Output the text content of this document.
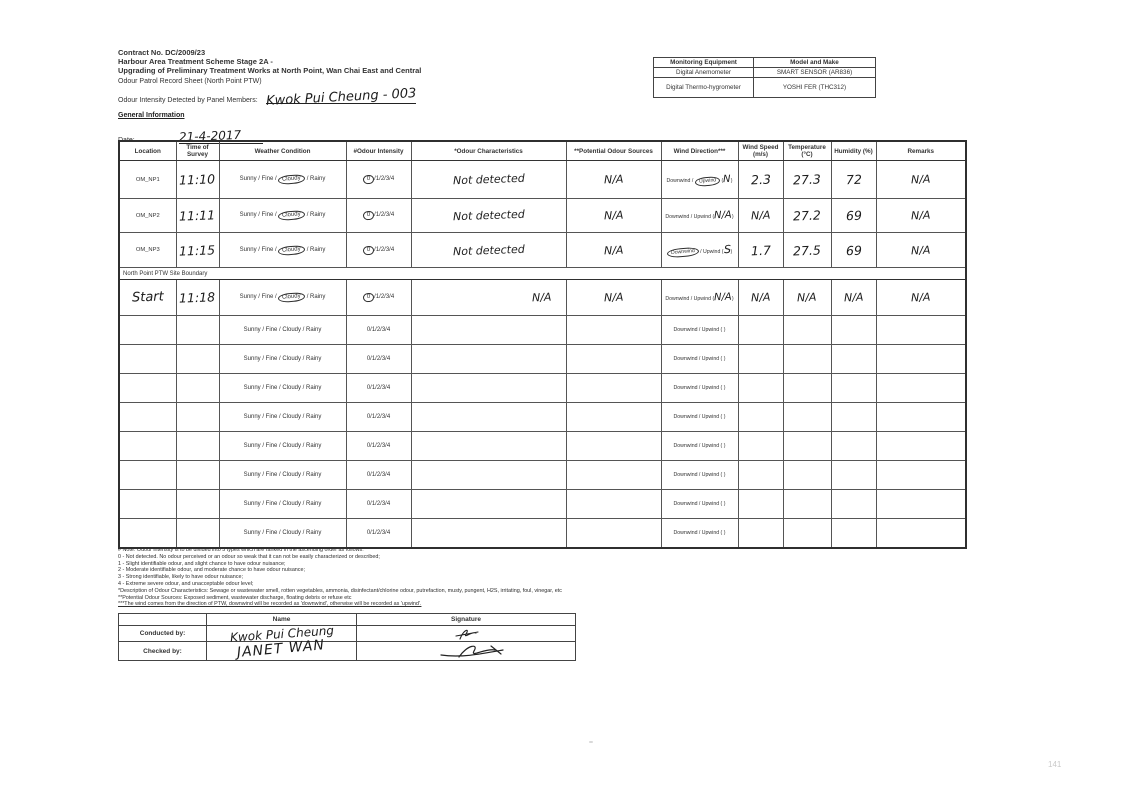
Contract No. DC/2009/23
Harbour Area Treatment Scheme Stage 2A -
Upgrading of Preliminary Treatment Works at North Point, Wan Chai East and Central
Odour Patrol Record Sheet (North Point PTW)
Odour Intensity Detected by Panel Members: Kwok Pui Cheung - 003
General Information
Date:	21-4-2017
Monitoring Equipment	Model and Make
Digital Anemometer	SMART SENSOR (AR836)
Digital Thermo-hygrometer	YOSHI FER (THC312)
Location	Time of Survey	Weather Condition	#Odour Intensity	*Odour Characteristics	**Potential Odour Sources	Wind Direction***	Wind Speed (m/s)	Temperature (°C)	Humidity (%)	Remarks
OM_NP1	11:10	Sunny / Fine / Cloudy / Rainy	0 /1/2/3/4	Not detected	N/A	Downwind / Upwind (N)	2.3	27.3	72	N/A
OM_NP2	11:11	Sunny / Fine / Cloudy / Rainy	0 /1/2/3/4	Not detected	N/A	Downwind / Upwind (N/A)	N/A	27.2	69	N/A
OM_NP3	11:15	Sunny / Fine / Cloudy / Rainy	0 /1/2/3/4	Not detected	N/A	Downwind / Upwind (S)	1.7	27.5	69	N/A
North Point PTW Site Boundary										
Start	11:18	Sunny / Fine / Cloudy / Rainy	0 /1/2/3/4	N/A	N/A	Downwind / Upwind (N/A)	N/A	N/A	N/A	N/A
		Sunny / Fine / Cloudy / Rainy	0/1/2/3/4			Downwind / Upwind ( )				
		Sunny / Fine / Cloudy / Rainy	0/1/2/3/4			Downwind / Upwind ( )				
		Sunny / Fine / Cloudy / Rainy	0/1/2/3/4			Downwind / Upwind ( )				
		Sunny / Fine / Cloudy / Rainy	0/1/2/3/4			Downwind / Upwind ( )				
		Sunny / Fine / Cloudy / Rainy	0/1/2/3/4			Downwind / Upwind ( )				
		Sunny / Fine / Cloudy / Rainy	0/1/2/3/4			Downwind / Upwind ( )				
		Sunny / Fine / Cloudy / Rainy	0/1/2/3/4			Downwind / Upwind ( )				
		Sunny / Fine / Cloudy / Rainy	0/1/2/3/4			Downwind / Upwind ( )				
# Note: Odour intensity is to be divided into 5 types which are ranked in the ascending order as follows:
0 - Not detected. No odour perceived or an odour so weak that it can not be easily characterized or described;
1 - Slight identifiable odour, and slight chance to have odour nuisance;
2 - Moderate identifiable odour, and moderate chance to have odour nuisance;
3 - Strong identifiable, likely to have odour nuisance;
4 - Extreme severe odour, and unacceptable odour level;
*Description of Odour Characteristics: Sewage or wastewater smell, rotten vegetables, ammonia, disinfectant/chlorine odour, putrefaction, musty, pungent, H2S, irritating, foul, vinegar, etc
**Potential Odour Sources: Exposed sediment, wastewater discharge, floating debris or refuse etc
***The wind comes from the direction of PTW, downwind will be recorded as 'downwind', otherwise will be recorded as 'upwind'.
	Name	Signature
Conducted by:	Kwok Pui Cheung	

Checked by:	JANET WAN	
141
